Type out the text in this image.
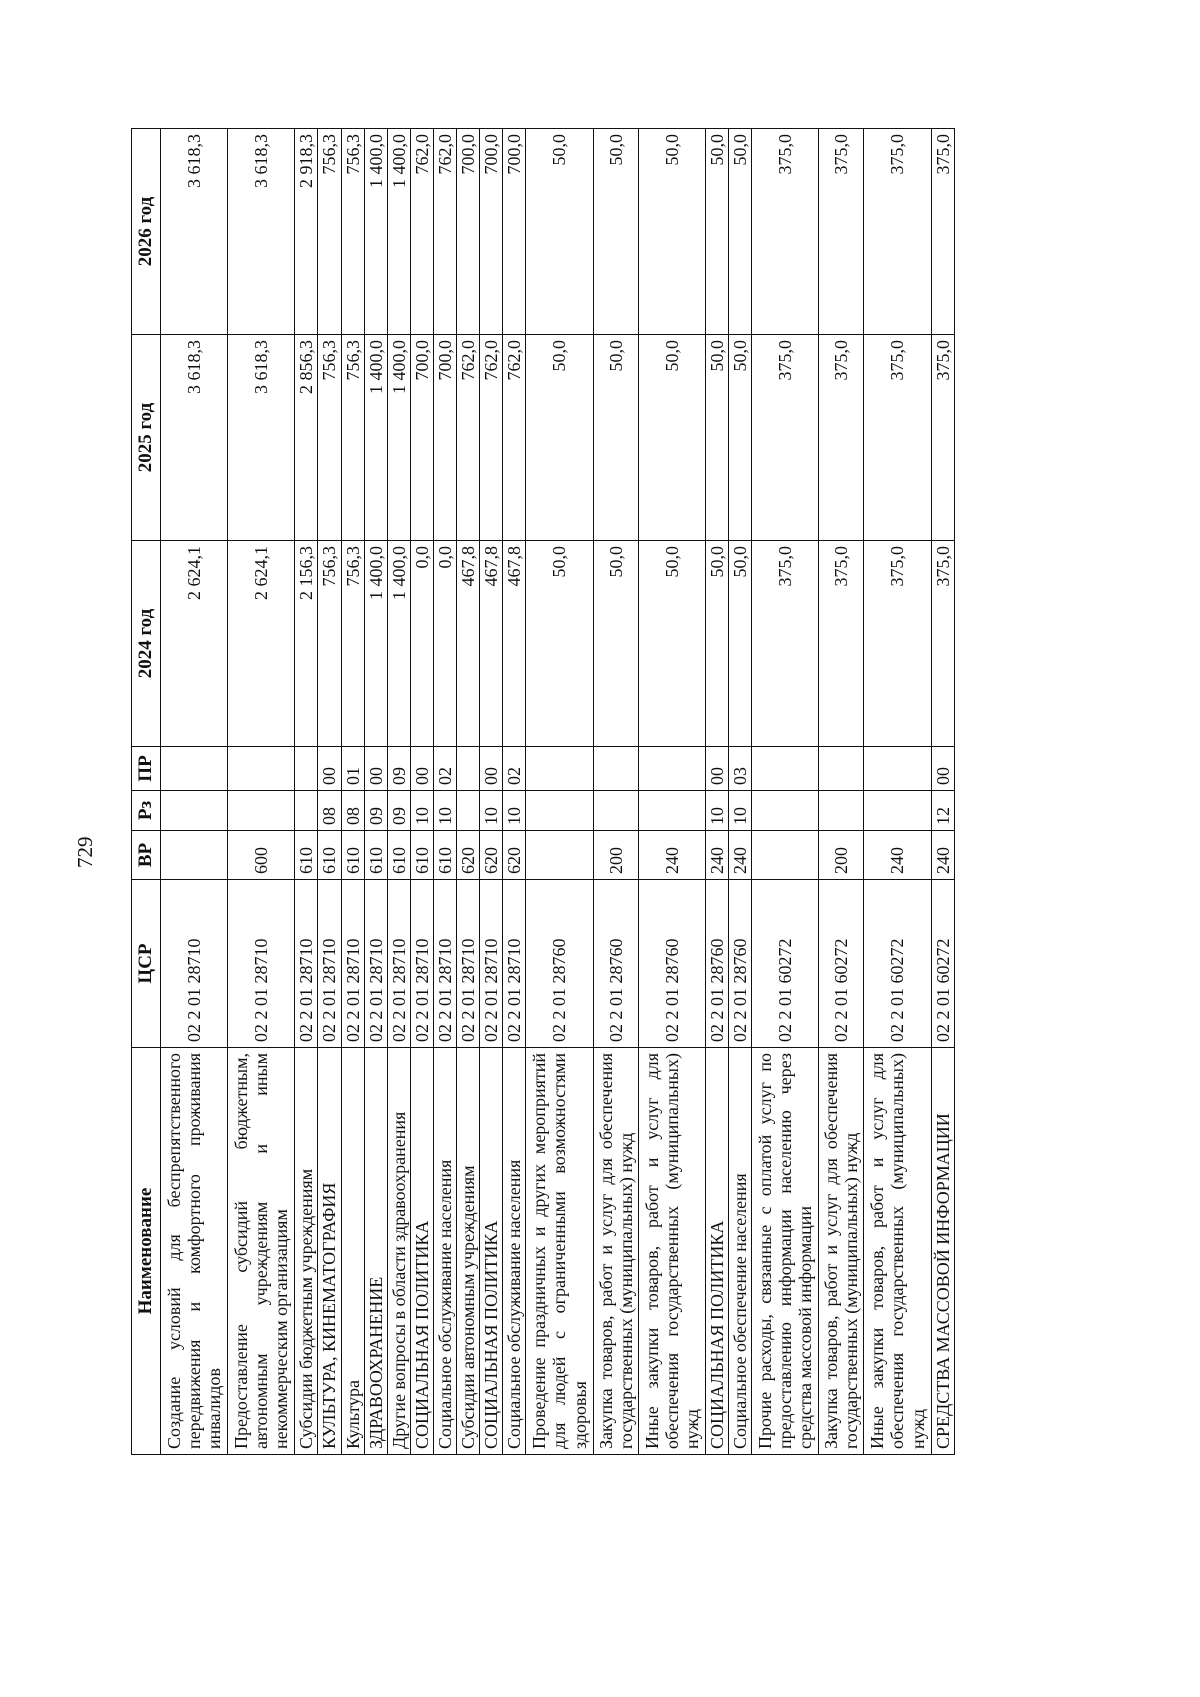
729
Наименование	ЦСР	ВР	Рз	ПР	2024 год	2025 год	2026 год
Создание условий для беспрепятственного передвижения и комфортного проживания инвалидов	02 2 01 28710				2 624,1	3 618,3	3 618,3
Предоставление субсидий бюджетным, автономным учреждениям и иным некоммерческим организациям	02 2 01 28710	600			2 624,1	3 618,3	3 618,3
Субсидии бюджетным учреждениям	02 2 01 28710	610			2 156,3	2 856,3	2 918,3
КУЛЬТУРА, КИНЕМАТОГРАФИЯ	02 2 01 28710	610	08	00	756,3	756,3	756,3
Культура	02 2 01 28710	610	08	01	756,3	756,3	756,3
ЗДРАВООХРАНЕНИЕ	02 2 01 28710	610	09	00	1 400,0	1 400,0	1 400,0
Другие вопросы в области здравоохранения	02 2 01 28710	610	09	09	1 400,0	1 400,0	1 400,0
СОЦИАЛЬНАЯ ПОЛИТИКА	02 2 01 28710	610	10	00	0,0	700,0	762,0
Социальное обслуживание населения	02 2 01 28710	610	10	02	0,0	700,0	762,0
Субсидии автономным учреждениям	02 2 01 28710	620			467,8	762,0	700,0
СОЦИАЛЬНАЯ ПОЛИТИКА	02 2 01 28710	620	10	00	467,8	762,0	700,0
Социальное обслуживание населения	02 2 01 28710	620	10	02	467,8	762,0	700,0
Проведение праздничных и других мероприятий для людей с ограниченными возможностями здоровья	02 2 01 28760				50,0	50,0	50,0
Закупка товаров, работ и услуг для обеспечения государственных (муниципальных) нужд	02 2 01 28760	200			50,0	50,0	50,0
Иные закупки товаров, работ и услуг для обеспечения государственных (муниципальных) нужд	02 2 01 28760	240			50,0	50,0	50,0
СОЦИАЛЬНАЯ ПОЛИТИКА	02 2 01 28760	240	10	00	50,0	50,0	50,0
Социальное обеспечение населения	02 2 01 28760	240	10	03	50,0	50,0	50,0
Прочие расходы, связанные с оплатой услуг по предоставлению информации населению через средства массовой информации	02 2 01 60272				375,0	375,0	375,0
Закупка товаров, работ и услуг для обеспечения государственных (муниципальных) нужд	02 2 01 60272	200			375,0	375,0	375,0
Иные закупки товаров, работ и услуг для обеспечения государственных (муниципальных) нужд	02 2 01 60272	240			375,0	375,0	375,0
СРЕДСТВА МАССОВОЙ ИНФОРМАЦИИ	02 2 01 60272	240	12	00	375,0	375,0	375,0
